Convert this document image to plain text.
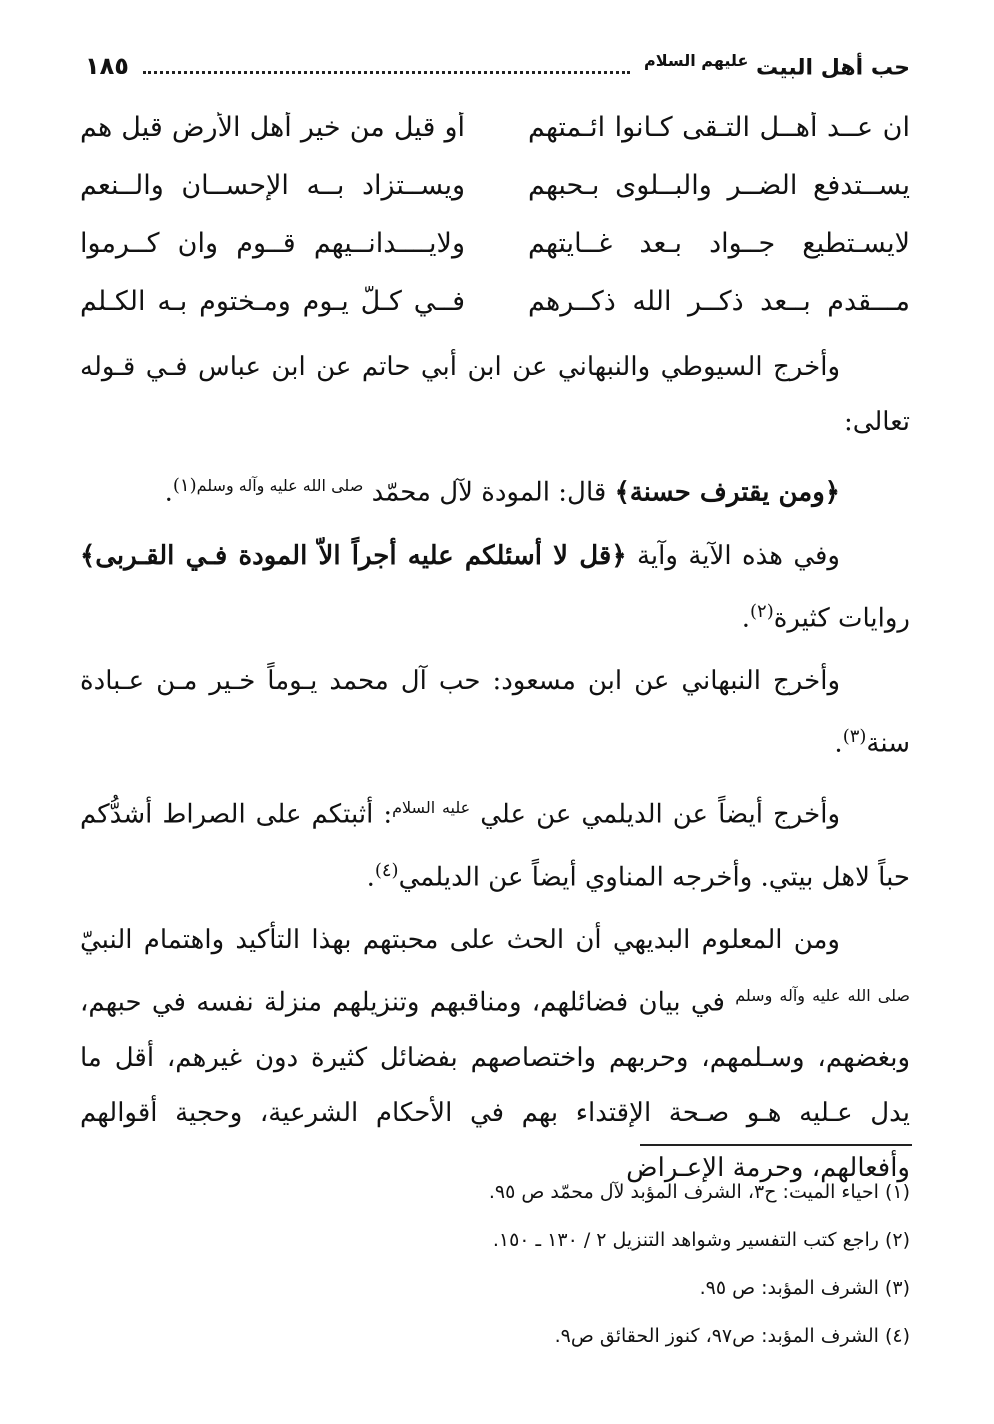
حب أهل البيت $^{عليهم السلام}$
١٨٥
ان عــد أهــل التـقى كـانوا ائـمتهم
أو قيل من خير أهل الأرض قيل هم
يســتدفع الضــر والبــلوى بـحبهم
ويســتزاد بــه الإحســان والــنعم
لايسـتطيع جــواد بـعد غــايتهم
ولايــــدانــيهم قــوم وان كــرموا
مـــقدم بــعد ذكــر الله ذكــرهم
فــي كـلّ يـوم ومـختوم بـه الكـلم

وأخرج السيوطي والنبهاني عن ابن أبي حاتم عن ابن عباس فـي قـوله تعالى:

﴿ومن يقترف حسنة﴾ قال: المودة لآل محمّد $^{صلى الله عليه وآله وسلم(١)}$.

وفي هذه الآية وآية ﴿قل لا أسئلكم عليه أجراً الاّ المودة فـي القـربى﴾ روايات كثيرة$^{(٢)}$.

وأخرج النبهاني عن ابن مسعود: حب آل محمد يـوماً خـير مـن عـبادة سنة$^{(٣)}$.

وأخرج أيضاً عن الديلمي عن علي $^{عليه السلام}$: أثبتكم على الصراط أشدُّكم حباً لاهل بيتي. وأخرجه المناوي أيضاً عن الديلمي$^{(٤)}$.

ومن المعلوم البديهي أن الحث على محبتهم بهذا التأكيد واهتمام النبيّ $^{صلى الله عليه وآله وسلم}$ في بيان فضائلهم، ومناقبهم وتنزيلهم منزلة نفسه في حبهم، وبغضهم، وسـلمهم، وحربهم واختصاصهم بفضائل كثيرة دون غيرهم، أقل ما يدل عـليه هـو صـحة الإقتداء بهم في الأحكام الشرعية، وحجية أقوالهم وأفعالهم، وحرمة الإعـراض

(١) احياء الميت: ح٣، الشرف المؤبد لآل محمّد ص ٩٥.
(٢) راجع كتب التفسير وشواهد التنزيل ٢ / ١٣٠ ـ ١٥٠.
(٣) الشرف المؤبد: ص ٩٥.
(٤) الشرف المؤبد: ص٩٧، كنوز الحقائق ص٩.
